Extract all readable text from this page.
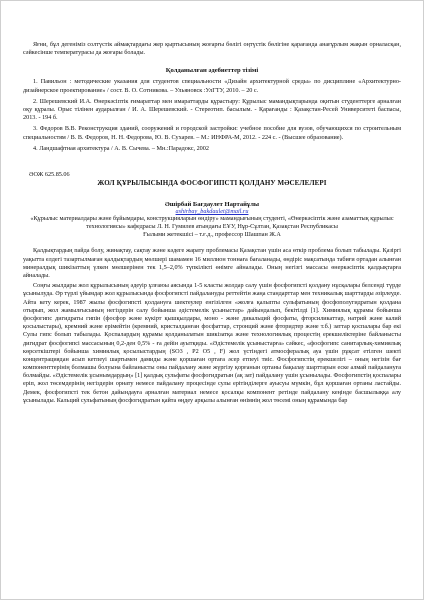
Яғни, бұл дегеніміз солтүстік аймақтардағы жер қыртысының жоғарғы бөлігі оңтүстік бөлігіне қарағанда анағұрлым жақын орналасқан, сәйкесінше температурасы да жоғары болады.

Қолданылған әдебиеттер тізімі

1. Павильон : методические указания для студентов специальности «Дизайн архитектурной среды» по дисциплине «Архитектурно-дизайнерское проектирование» / сост. В. О. Сотникова. – Ульяновск :УлГТУ, 2010. – 20 с.

2. Шерешевский И.А. Өнеркәсіптік ғимараттар мен имараттарды құрастыру: Құрылыс мамандықтарында оқитын студенттерге арналған оқу құралы. Орыс тілінен аударылған / И. А. Шерешевский. - Стереотип. басылым. - Қарағанды : Қазақстан-Ресей Университеті баспасы, 2013. - 194 б.

3. Федоров В.В. Реконструкция зданий, сооружений и городской застройки: учебное пособие для вузов, обучающихся по строительным специальностям / В. В. Федоров, Н. Н. Федорова, Ю. В. Сухарев. – М.: ИНФРА-М, 2012. - 224 с. - (Высшее образование).

4. Ландшафтная архитектура / А. В. Сычева. – Мн.:Парадокс, 2002

ӘОЖ 625.85.06
ЖОЛ ҚҰРЫЛЫСЫНДА ФОСФОГИПСТІ ҚОЛДАНУ МӘСЕЛЕЛЕРІ
Әшірбай Бағдаулет Нартайұлы
ashirbay_bakdaulet@mail.ru

«Құрылыс материалдары және бұйымдары, конструкцияларын өндіру» мамандығының студенті, «Өнеркәсіптік және азаматтық құрылыс технологиясы» кафедрасы Л. Н. Гумилев атындағы ЕҰУ, Нұр-Сұлтан, Қазақстан Республикасы

Ғылыми жетекшісі – т.ғ.д., профессор Шашпан Ж.А

Қалдықтардың пайда болу, жинақтау, сақтау және кәдеге жарату проблемасы Қазақстан үшін аса өткір проблема болып табылады. Қазіргі уақытта елдегі тазартылмаған қалдықтардың мөлшері шамамен 16 миллион тоннаға бағаланады, өндіріс мақсатында табиғи ортадан алынған минералдық шикізаттың үлкен мөлшерінен тек 1,5–2,0% түпкілікті өнімге айналады. Оның негізгі массасы өнеркәсіптік қалдықтарға айналады.

Соңғы жылдары жол құрылысының әдеуір ұлғаюы аясында 1-5 класты жолдар салу үшін фосфогипсті қолдану нұсқалары белсенді түрде ұсынылуда. Әр түрлі үйымдар жол құрылысында фосфогипсті пайдалануды реттейтін жаңа стандарттар мен техникалық шарттарды әзірлеуде. Айта кету керек, 1987 жылы фосфогипсті қолдануға шектеулер енгізілген «жолға қалыпты сульфатының фосфополугидратын қолдана отырып, жол жамылғысының негіздерін салу бойынша әдістемелік ұсыныстар» дайындалып, бекітілді [1]. Химиялық құрамы бойынша фосфогипс дигидраты гипін (фосфор және күкірт қышқылдары, моно - және дикальций фосфаты, фторсиликаттар, натрий және калий қосылыстары), кремний және ерімейтін (кремний, кристалданған фосфаттар, стронций және фторидтер және т.б.) заттар қоспалары бар екі Сулы гипс болып табылады. Қоспалардың құрамы қолданылатын шикізатқа және технологиялық процестің ерекшеліктеріне байланысты дигидрат фосфогипсі массасының 0,2-ден 0,5% - ға дейін ауытқиды. «Әдістемелік ұсыныстарға» сәйкес, «фосфогипс санитарлық-химиялық көрсеткіштері бойынша химиялық қосылыстардың (SO3 , P2 O5 , F) жол үстіндегі атмосфералық ауа үшін рұқсат етілген шекті концентрациядан асып кетпеуі шартымен дамиды және қоршаған ортаға әсер етпеуі тиіс. Фосфогипстің ерекшелігі – оның негізін бағ компоненттерінің болмашы болуына байланысты оны пайдалану және жүргізу қорғанын ортаны бақылау шарттарын еске алмай пайдалануға болмайды. «Әдістемелік ұсынымдардың» [1] қалдық сульфаты фосфогидратын (ақ зат) пайдалану үшін ұсынылады. Фосфогипстің қоспалары еріп, жол төсемдерінің негіздерін орнату немесе пайдалану процесінде сулы ерітінділерге ауысуы мүмкін, бұл қоршаған ортаны ластайды. Демек, фосфогипсті тек бетон дайындауға арналған материал немесе қосалқы компонент ретінде пайдалану кеңінде басшылыққа алу ұсынылады. Кальций сульфатының фосфогидратын қайта өңдеу арқылы алынған өнімнің жол төсемі оның құрамында бар
